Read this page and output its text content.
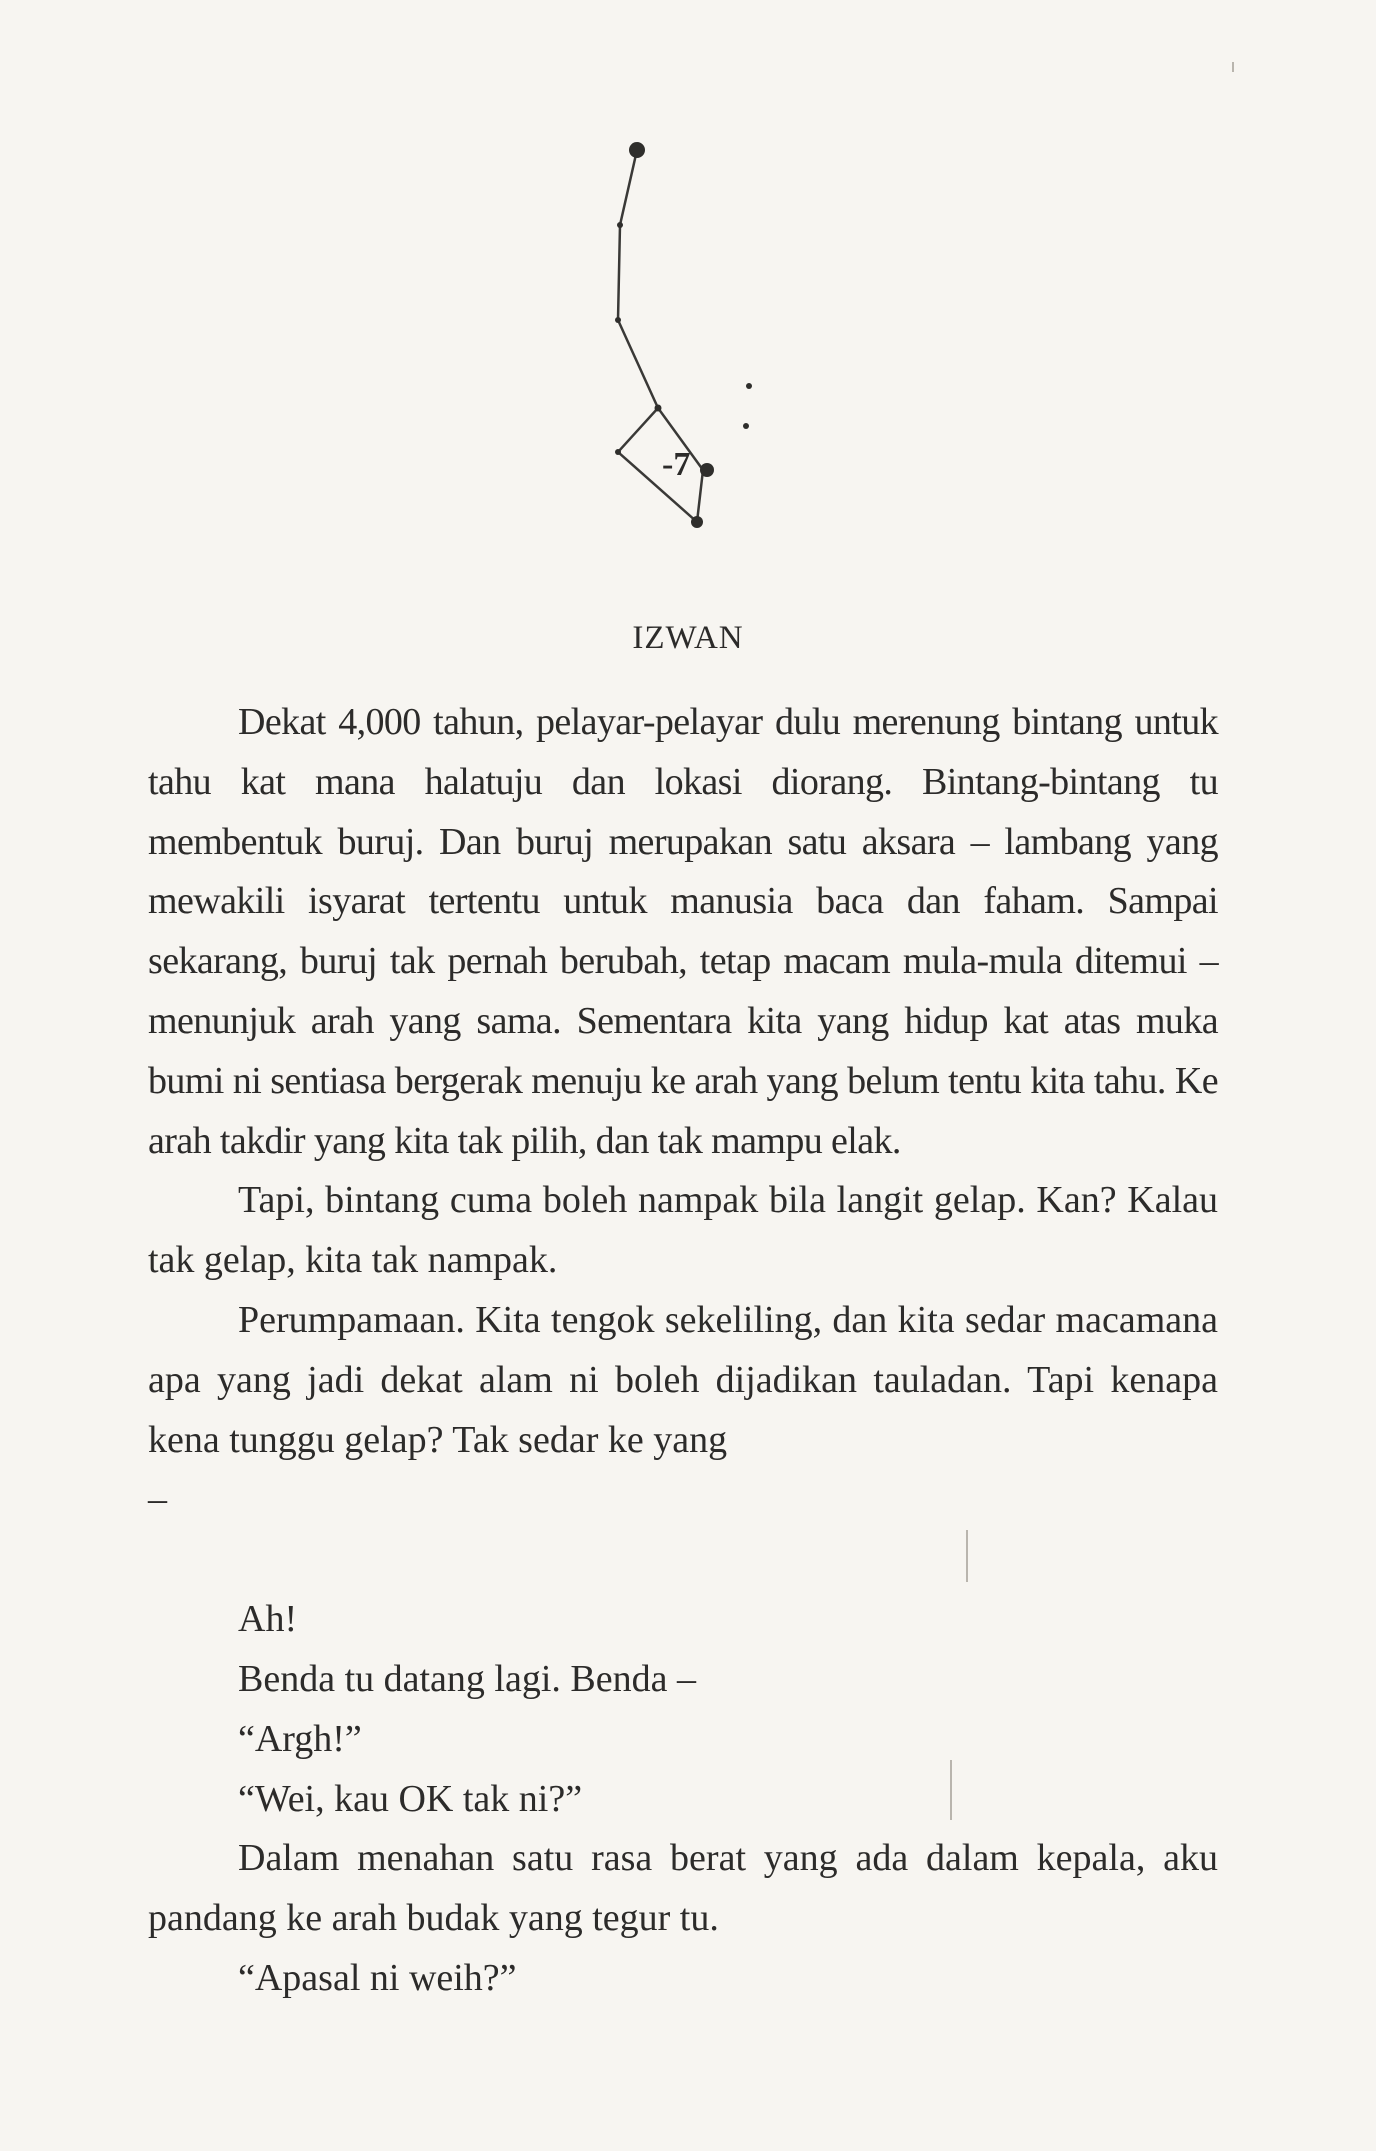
-7
IZWAN

Dekat 4,000 tahun, pelayar-pelayar dulu merenung bintang untuk tahu kat mana halatuju dan lokasi diorang. Bintang-bintang tu membentuk buruj. Dan buruj merupakan satu aksara – lambang yang mewakili isyarat tertentu untuk manusia baca dan faham. Sampai sekarang, buruj tak pernah berubah, tetap macam mula-mula ditemui – menunjuk arah yang sama. Sementara kita yang hidup kat atas muka bumi ni sentiasa bergerak menuju ke arah yang belum tentu kita tahu. Ke arah takdir yang kita tak pilih, dan tak mampu elak.

Tapi, bintang cuma boleh nampak bila langit gelap. Kan? Kalau tak gelap, kita tak nampak.

Perumpamaan. Kita tengok sekeliling, dan kita sedar macamana apa yang jadi dekat alam ni boleh dijadikan tauladan. Tapi kenapa kena tunggu gelap? Tak sedar ke yang

–

Ah!

Benda tu datang lagi. Benda –

“Argh!”

“Wei, kau OK tak ni?”

Dalam menahan satu rasa berat yang ada dalam kepala, aku pandang ke arah budak yang tegur tu.

“Apasal ni weih?”
